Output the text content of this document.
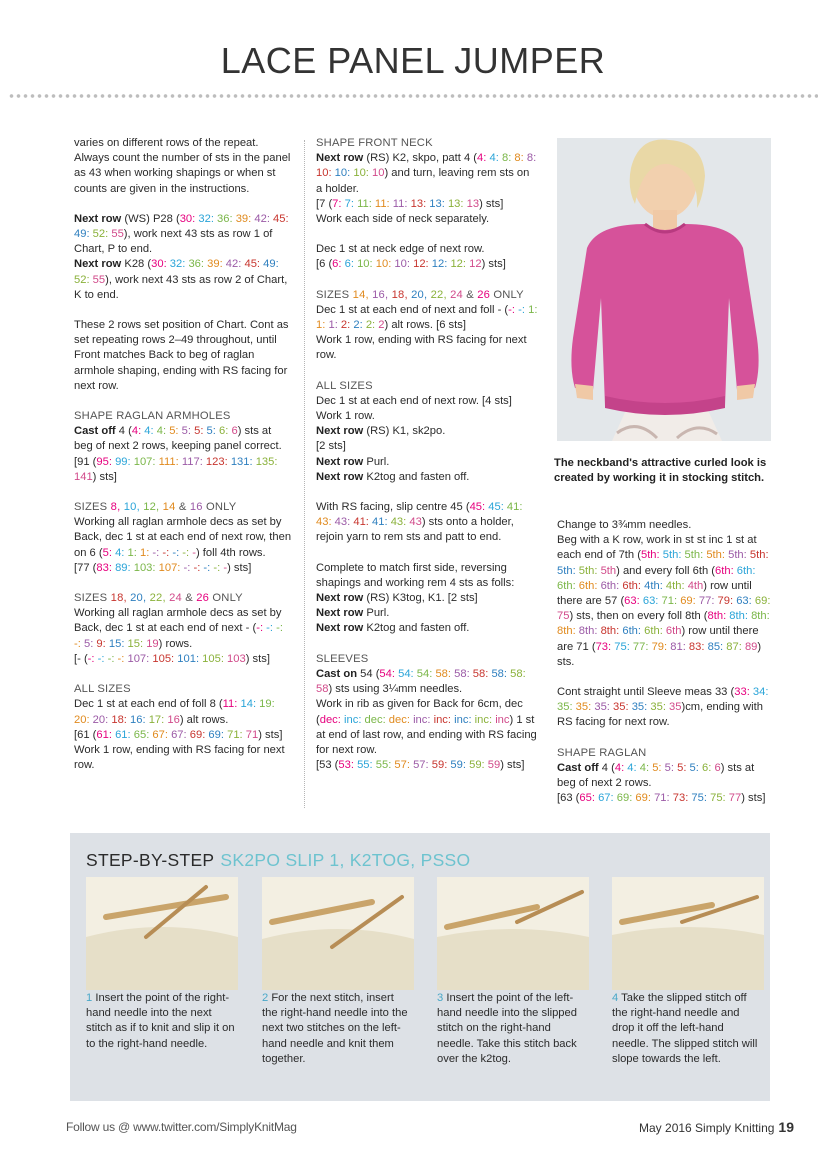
LACE PANEL JUMPER

varies on different rows of the repeat. Always count the number of sts in the panel as 43 when working shapings or when st counts are given in the instructions.

Next row (WS) P28 (30: 32: 36: 39: 42: 45: 49: 52: 55), work next 43 sts as row 1 of Chart, P to end.

Next row K28 (30: 32: 36: 39: 42: 45: 49: 52: 55), work next 43 sts as row 2 of Chart, K to end.

These 2 rows set position of Chart. Cont as set repeating rows 2–49 throughout, until Front matches Back to beg of raglan armhole shaping, ending with RS facing for next row.

SHAPE RAGLAN ARMHOLES

Cast off 4 (4: 4: 4: 5: 5: 5: 5: 6: 6) sts at beg of next 2 rows, keeping panel correct. [91 (95: 99: 107: 111: 117: 123: 131: 135: 141) sts]

SIZES 8, 10, 12, 14 & 16 ONLY
Working all raglan armhole decs as set by Back, dec 1 st at each end of next row, then on 6 (5: 4: 1: 1: -: -: -: -: -) foll 4th rows.

[77 (83: 89: 103: 107: -: -: -: -: -) sts]

SIZES 18, 20, 22, 24 & 26 ONLY
Working all raglan armhole decs as set by Back, dec 1 st at each end of next - (-: -: -: -: 5: 9: 15: 15: 19) rows.

[- (-: -: -: -: 107: 105: 101: 105: 103) sts]

ALL SIZES
Dec 1 st at each end of foll 8 (11: 14: 19: 20: 20: 18: 16: 17: 16) alt rows.
[61 (61: 61: 65: 67: 67: 69: 69: 71: 71) sts]
Work 1 row, ending with RS facing for next row.
SHAPE FRONT NECK
Next row (RS) K2, skpo, patt 4 (4: 4: 8: 8: 8: 10: 10: 10: 10) and turn, leaving rem sts on a holder.
[7 (7: 7: 11: 11: 11: 13: 13: 13: 13) sts]

Work each side of neck separately.

Dec 1 st at neck edge of next row.

[6 (6: 6: 10: 10: 10: 12: 12: 12: 12) sts]

SIZES 14, 16, 18, 20, 22, 24 & 26 ONLY
Dec 1 st at each end of next and foll - (-: -: 1: 1: 1: 2: 2: 2: 2) alt rows. [6 sts]

Work 1 row, ending with RS facing for next row.

ALL SIZES
Dec 1 st at each end of next row. [4 sts]
Work 1 row.
Next row (RS) K1, sk2po.
[2 sts]
Next row Purl.

Next row K2tog and fasten off.

With RS facing, slip centre 45 (45: 45: 41: 43: 43: 41: 41: 43: 43) sts onto a holder, rejoin yarn to rem sts and patt to end.

Complete to match first side, reversing shapings and working rem 4 sts as folls:
Next row (RS) K3tog, K1. [2 sts]
Next row Purl.

Next row K2tog and fasten off.

SLEEVES
Cast on 54 (54: 54: 54: 58: 58: 58: 58: 58: 58) sts using 3¼mm needles.
Work in rib as given for Back for 6cm, dec (dec: inc: dec: dec: inc: inc: inc: inc: inc) 1 st at end of last row, and ending with RS facing for next row.
[53 (53: 55: 55: 57: 57: 59: 59: 59: 59) sts]
The neckband's attractive curled look is created by working it in stocking stitch.
Change to 3¾mm needles.

Beg with a K row, work in st st inc 1 st at each end of 7th (5th: 5th: 5th: 5th: 5th: 5th: 5th: 5th: 5th) and every foll 6th (6th: 6th: 6th: 6th: 6th: 6th: 4th: 4th: 4th) row until there are 57 (63: 63: 71: 69: 77: 79: 63: 69: 75) sts, then on every foll 8th (8th: 8th: 8th: 8th: 8th: 8th: 6th: 6th: 6th) row until there are 71 (73: 75: 77: 79: 81: 83: 85: 87: 89) sts.

Cont straight until Sleeve meas 33 (33: 34: 35: 35: 35: 35: 35: 35: 35)cm, ending with RS facing for next row.

SHAPE RAGLAN
Cast off 4 (4: 4: 4: 5: 5: 5: 5: 6: 6) sts at beg of next 2 rows.
[63 (65: 67: 69: 69: 71: 73: 75: 75: 77) sts]
STEP-BY-STEP SK2PO SLIP 1, K2TOG, PSSO
1 Insert the point of the right-hand needle into the next stitch as if to knit and slip it on to the right-hand needle.
2 For the next stitch, insert the right-hand needle into the next two stitches on the left-hand needle and knit them together.
3 Insert the point of the left-hand needle into the slipped stitch on the right-hand needle. Take this stitch back over the k2tog.
4 Take the slipped stitch off the right-hand needle and drop it off the left-hand needle. The slipped stitch will slope towards the left.
Follow us @ www.twitter.com/SimplyKnitMag	May 2016 Simply Knitting 19
